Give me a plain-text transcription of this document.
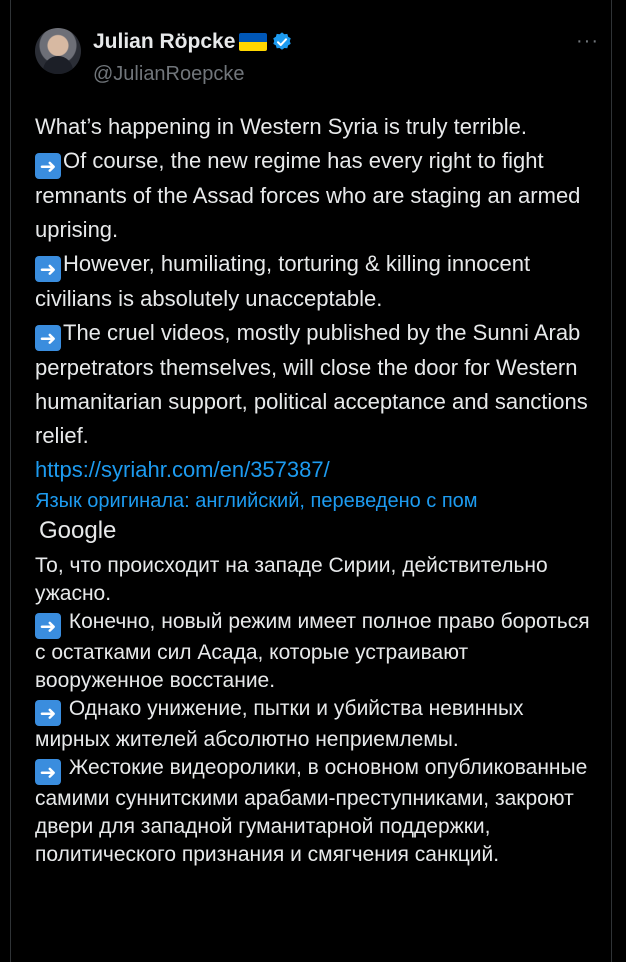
Julian Röpcke
@JulianRoepcke
···

What’s happening in Western Syria is truly terrible.

➜ Of course, the new regime has every right to fight remnants of the Assad forces who are staging an armed uprising.

➜ However, humiliating, torturing & killing innocent civilians is absolutely unacceptable.

➜ The cruel videos, mostly published by the Sunni Arab perpetrators themselves, will close the door for Western humanitarian support, political acceptance and sanctions relief.

https://syriahr.com/en/357387/

Язык оригинала: английский, переведено с пом
Google

То, что происходит на западе Сирии, действительно ужасно.

➜ Конечно, новый режим имеет полное право бороться с остатками сил Асада, которые устраивают вооруженное восстание.

➜ Однако унижение, пытки и убийства невинных мирных жителей абсолютно неприемлемы.

➜ Жестокие видеоролики, в основном опубликованные самими суннитскими арабами-преступниками, закроют двери для западной гуманитарной поддержки, политического признания и смягчения санкций.
